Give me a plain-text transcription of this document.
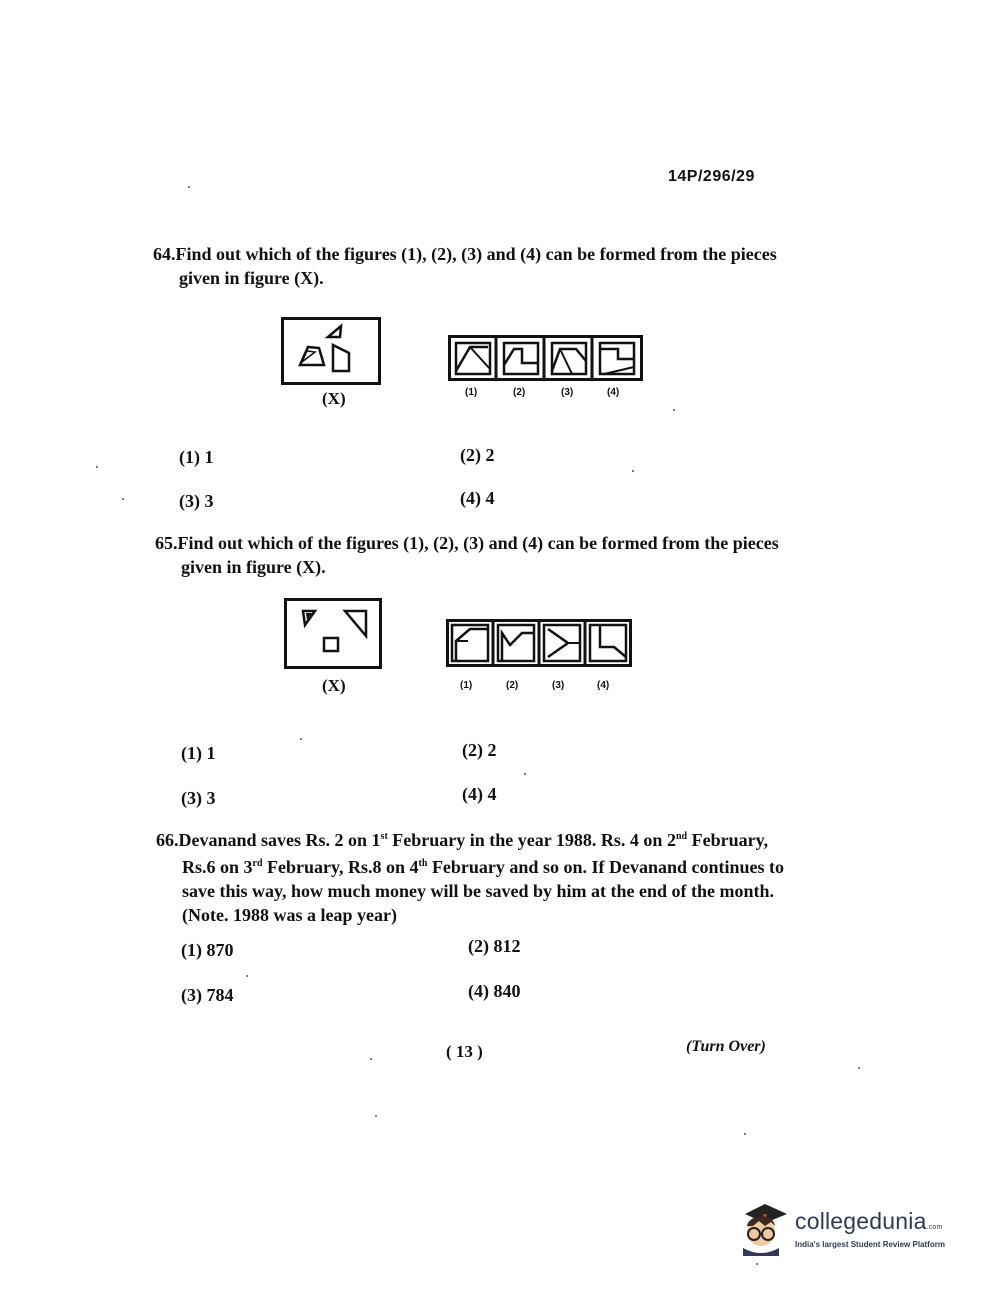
14P/296/29
64.Find out which of the figures (1), (2), (3) and (4) can be formed from the pieces
given in figure (X).
(X)	(1)	(2)	(3)	(4)
(1) 1	(2) 2
(3) 3	(4) 4
65.Find out which of the figures (1), (2), (3) and (4) can be formed from the pieces
given in figure (X).
(X)	(1)	(2)	(3)	(4)
(1) 1	(2) 2
(3) 3	(4) 4
66.Devanand saves Rs. 2 on 1st February in the year 1988. Rs. 4 on 2nd February,
Rs.6 on 3rd February, Rs.8 on 4th February and so on. If Devanand continues to
save this way, how much money will be saved by him at the end of the month.
(Note. 1988 was a leap year)
(1) 870	(2) 812
(3) 784	(4) 840
( 13 )	(Turn Over)
collegedunia.com
India's largest Student Review Platform
